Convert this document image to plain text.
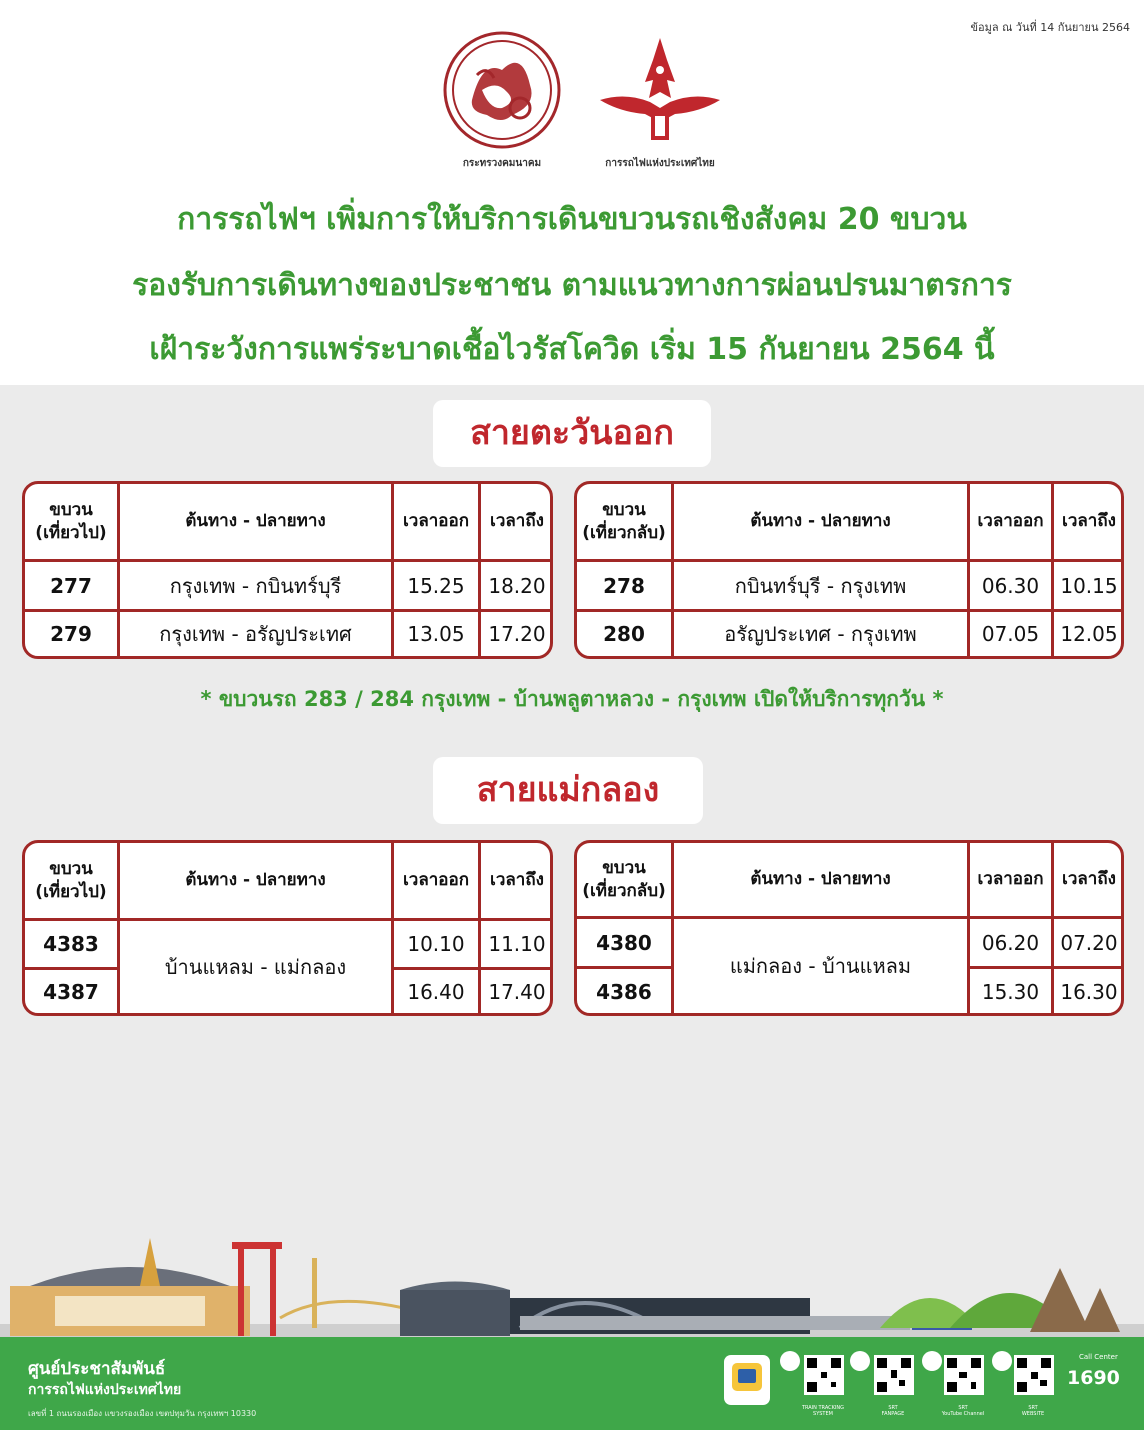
ข้อมูล ณ วันที่ 14 กันยายน 2564
กระทรวงคมนาคม	การรถไฟแห่งประเทศไทย
การรถไฟฯ เพิ่มการให้บริการเดินขบวนรถเชิงสังคม 20 ขบวน
รองรับการเดินทางของประชาชน ตามแนวทางการผ่อนปรนมาตรการ
เฝ้าระวังการแพร่ระบาดเชื้อไวรัสโควิด เริ่ม 15 กันยายน 2564 นี้
สายตะวันออก
ขบวน
(เที่ยวไป)
ต้นทาง - ปลายทาง	เวลาออก	เวลาถึง
277	กรุงเทพ - กบินทร์บุรี	15.25	18.20
279	กรุงเทพ - อรัญประเทศ	13.05	17.20
ขบวน
(เที่ยวกลับ)
ต้นทาง - ปลายทาง	เวลาออก	เวลาถึง
278	กบินทร์บุรี - กรุงเทพ	06.30	10.15
280	อรัญประเทศ - กรุงเทพ	07.05	12.05
* ขบวนรถ 283 / 284 กรุงเทพ - บ้านพลูตาหลวง - กรุงเทพ เปิดให้บริการทุกวัน *
สายแม่กลอง
ขบวน
(เที่ยวไป)
ต้นทาง - ปลายทาง	เวลาออก	เวลาถึง
บ้านแหลม - แม่กลอง
4383	10.10	11.10
4387	16.40	17.40
ขบวน
(เที่ยวกลับ)
ต้นทาง - ปลายทาง	เวลาออก	เวลาถึง
แม่กลอง - บ้านแหลม
4380	06.20	07.20
4386	15.30	16.30
ศูนย์ประชาสัมพันธ์
การรถไฟแห่งประเทศไทย
เลขที่ 1 ถนนรองเมือง แขวงรองเมือง เขตปทุมวัน กรุงเทพฯ 10330
TRAIN TRACKING
SYSTEM
SRT
FANPAGE
SRT
YouTube Channel
SRT
WEBSITE
Call Center
1690
